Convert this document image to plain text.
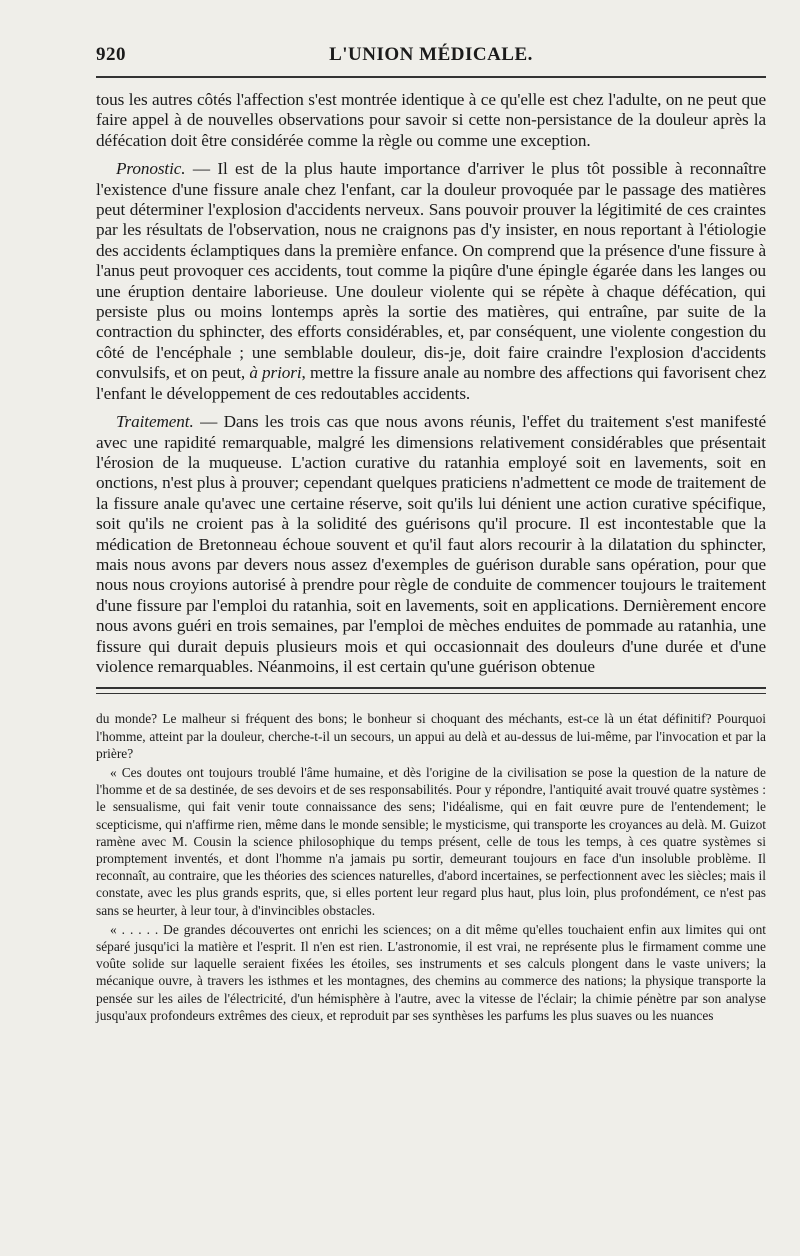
920	L'UNION MÉDICALE.

tous les autres côtés l'affection s'est montrée identique à ce qu'elle est chez l'adulte, on ne peut que faire appel à de nouvelles observations pour savoir si cette non-persistance de la douleur après la défécation doit être considérée comme la règle ou comme une exception.

Pronostic. — Il est de la plus haute importance d'arriver le plus tôt possible à reconnaître l'existence d'une fissure anale chez l'enfant, car la douleur provoquée par le passage des matières peut déterminer l'explosion d'accidents nerveux. Sans pouvoir prouver la légitimité de ces craintes par les résultats de l'observation, nous ne craignons pas d'y insister, en nous reportant à l'étiologie des accidents éclamptiques dans la première enfance. On comprend que la présence d'une fissure à l'anus peut provoquer ces accidents, tout comme la piqûre d'une épingle égarée dans les langes ou une éruption dentaire laborieuse. Une douleur violente qui se répète à chaque défécation, qui persiste plus ou moins lontemps après la sortie des matières, qui entraîne, par suite de la contraction du sphincter, des efforts considérables, et, par conséquent, une violente congestion du côté de l'encéphale ; une semblable douleur, dis-je, doit faire craindre l'explosion d'accidents convulsifs, et on peut, à priori, mettre la fissure anale au nombre des affections qui favorisent chez l'enfant le développement de ces redoutables accidents.

Traitement. — Dans les trois cas que nous avons réunis, l'effet du traitement s'est manifesté avec une rapidité remarquable, malgré les dimensions relativement considérables que présentait l'érosion de la muqueuse. L'action curative du ratanhia employé soit en lavements, soit en onctions, n'est plus à prouver; cependant quelques praticiens n'admettent ce mode de traitement de la fissure anale qu'avec une certaine réserve, soit qu'ils lui dénient une action curative spécifique, soit qu'ils ne croient pas à la solidité des guérisons qu'il procure. Il est incontestable que la médication de Bretonneau échoue souvent et qu'il faut alors recourir à la dilatation du sphincter, mais nous avons par devers nous assez d'exemples de guérison durable sans opération, pour que nous nous croyions autorisé à prendre pour règle de conduite de commencer toujours le traitement d'une fissure par l'emploi du ratanhia, soit en lavements, soit en applications. Dernièrement encore nous avons guéri en trois semaines, par l'emploi de mèches enduites de pommade au ratanhia, une fissure qui durait depuis plusieurs mois et qui occasionnait des douleurs d'une durée et d'une violence remarquables. Néanmoins, il est certain qu'une guérison obtenue

du monde? Le malheur si fréquent des bons; le bonheur si choquant des méchants, est-ce là un état définitif? Pourquoi l'homme, atteint par la douleur, cherche-t-il un secours, un appui au delà et au-dessus de lui-même, par l'invocation et par la prière?

« Ces doutes ont toujours troublé l'âme humaine, et dès l'origine de la civilisation se pose la question de la nature de l'homme et de sa destinée, de ses devoirs et de ses responsabilités. Pour y répondre, l'antiquité avait trouvé quatre systèmes : le sensualisme, qui fait venir toute connaissance des sens; l'idéalisme, qui en fait œuvre pure de l'entendement; le scepticisme, qui n'affirme rien, même dans le monde sensible; le mysticisme, qui transporte les croyances au delà. M. Guizot ramène avec M. Cousin la science philosophique du temps présent, celle de tous les temps, à ces quatre systèmes si promptement inventés, et dont l'homme n'a jamais pu sortir, demeurant toujours en face d'un insoluble problème. Il reconnaît, au contraire, que les théories des sciences naturelles, d'abord incertaines, se perfectionnent avec les siècles; mais il constate, avec les plus grands esprits, que, si elles portent leur regard plus haut, plus loin, plus profondément, ce n'est pas sans se heurter, à leur tour, à d'invincibles obstacles.

« . . . . . De grandes découvertes ont enrichi les sciences; on a dit même qu'elles touchaient enfin aux limites qui ont séparé jusqu'ici la matière et l'esprit. Il n'en est rien. L'astronomie, il est vrai, ne représente plus le firmament comme une voûte solide sur laquelle seraient fixées les étoiles, ses instruments et ses calculs plongent dans le vaste univers; la mécanique ouvre, à travers les isthmes et les montagnes, des chemins au commerce des nations; la physique transporte la pensée sur les ailes de l'électricité, d'un hémisphère à l'autre, avec la vitesse de l'éclair; la chimie pénètre par son analyse jusqu'aux profondeurs extrêmes des cieux, et reproduit par ses synthèses les parfums les plus suaves ou les nuances
